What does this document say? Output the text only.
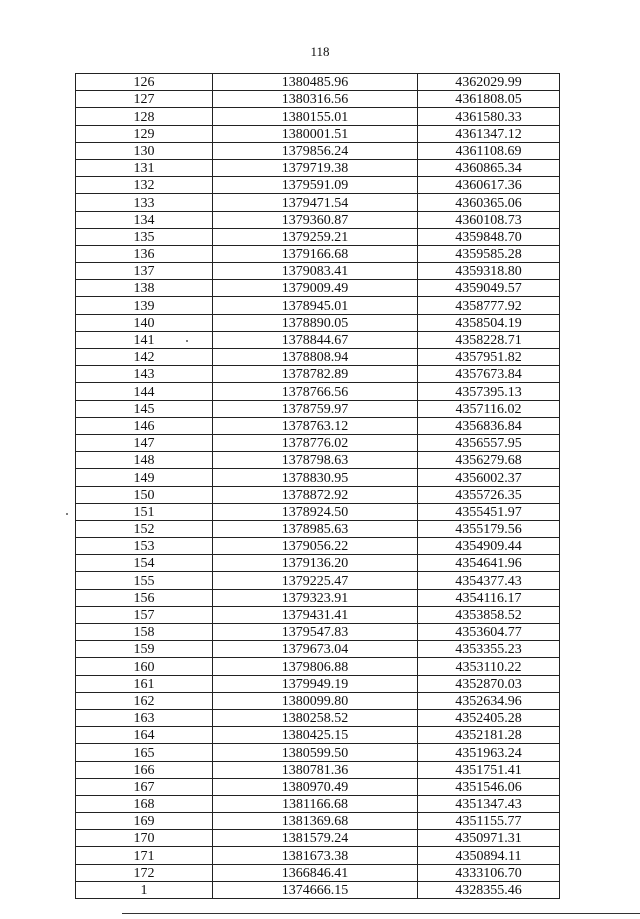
118
126	1380485.96	4362029.99
127	1380316.56	4361808.05
128	1380155.01	4361580.33
129	1380001.51	4361347.12
130	1379856.24	4361108.69
131	1379719.38	4360865.34
132	1379591.09	4360617.36
133	1379471.54	4360365.06
134	1379360.87	4360108.73
135	1379259.21	4359848.70
136	1379166.68	4359585.28
137	1379083.41	4359318.80
138	1379009.49	4359049.57
139	1378945.01	4358777.92
140	1378890.05	4358504.19
141	1378844.67	4358228.71
142	1378808.94	4357951.82
143	1378782.89	4357673.84
144	1378766.56	4357395.13
145	1378759.97	4357116.02
146	1378763.12	4356836.84
147	1378776.02	4356557.95
148	1378798.63	4356279.68
149	1378830.95	4356002.37
150	1378872.92	4355726.35
151	1378924.50	4355451.97
152	1378985.63	4355179.56
153	1379056.22	4354909.44
154	1379136.20	4354641.96
155	1379225.47	4354377.43
156	1379323.91	4354116.17
157	1379431.41	4353858.52
158	1379547.83	4353604.77
159	1379673.04	4353355.23
160	1379806.88	4353110.22
161	1379949.19	4352870.03
162	1380099.80	4352634.96
163	1380258.52	4352405.28
164	1380425.15	4352181.28
165	1380599.50	4351963.24
166	1380781.36	4351751.41
167	1380970.49	4351546.06
168	1381166.68	4351347.43
169	1381369.68	4351155.77
170	1381579.24	4350971.31
171	1381673.38	4350894.11
172	1366846.41	4333106.70
1	1374666.15	4328355.46
